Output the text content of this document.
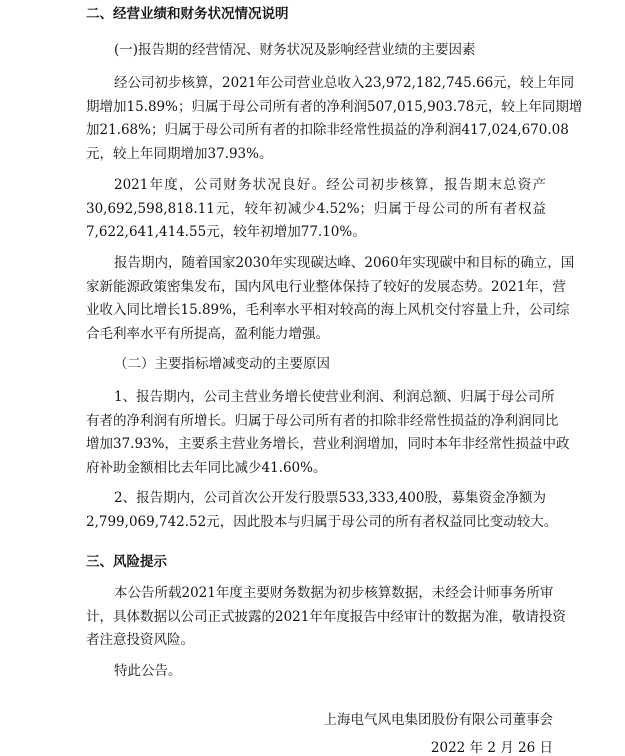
二、经营业绩和财务状况情况说明
(一)报告期的经营情况、财务状况及影响经营业绩的主要因素
经公司初步核算，2021年公司营业总收入23,972,182,745.66元，较上年同
期增加15.89%；归属于母公司所有者的净利润507,015,903.78元，较上年同期增
加21.68%；归属于母公司所有者的扣除非经常性损益的净利润417,024,670.08
元，较上年同期增加37.93%。
2021年度，公司财务状况良好。经公司初步核算，报告期末总资产
30,692,598,818.11元，较年初减少4.52%；归属于母公司的所有者权益
7,622,641,414.55元，较年初增加77.10%。
报告期内，随着国家2030年实现碳达峰、2060年实现碳中和目标的确立，国
家新能源政策密集发布，国内风电行业整体保持了较好的发展态势。2021年，营
业收入同比增长15.89%，毛利率水平相对较高的海上风机交付容量上升，公司综
合毛利率水平有所提高，盈利能力增强。
（二）主要指标增减变动的主要原因
1、报告期内，公司主营业务增长使营业利润、利润总额、归属于母公司所
有者的净利润有所增长。归属于母公司所有者的扣除非经常性损益的净利润同比
增加37.93%，主要系主营业务增长，营业利润增加，同时本年非经常性损益中政
府补助金额相比去年同比减少41.60%。
2、报告期内，公司首次公开发行股票533,333,400股，募集资金净额为
2,799,069,742.52元，因此股本与归属于母公司的所有者权益同比变动较大。
三、风险提示
本公告所载2021年度主要财务数据为初步核算数据，未经会计师事务所审
计，具体数据以公司正式披露的2021年年度报告中经审计的数据为准，敬请投资
者注意投资风险。
特此公告。
上海电气风电集团股份有限公司董事会
2022 年 2 月 26 日
